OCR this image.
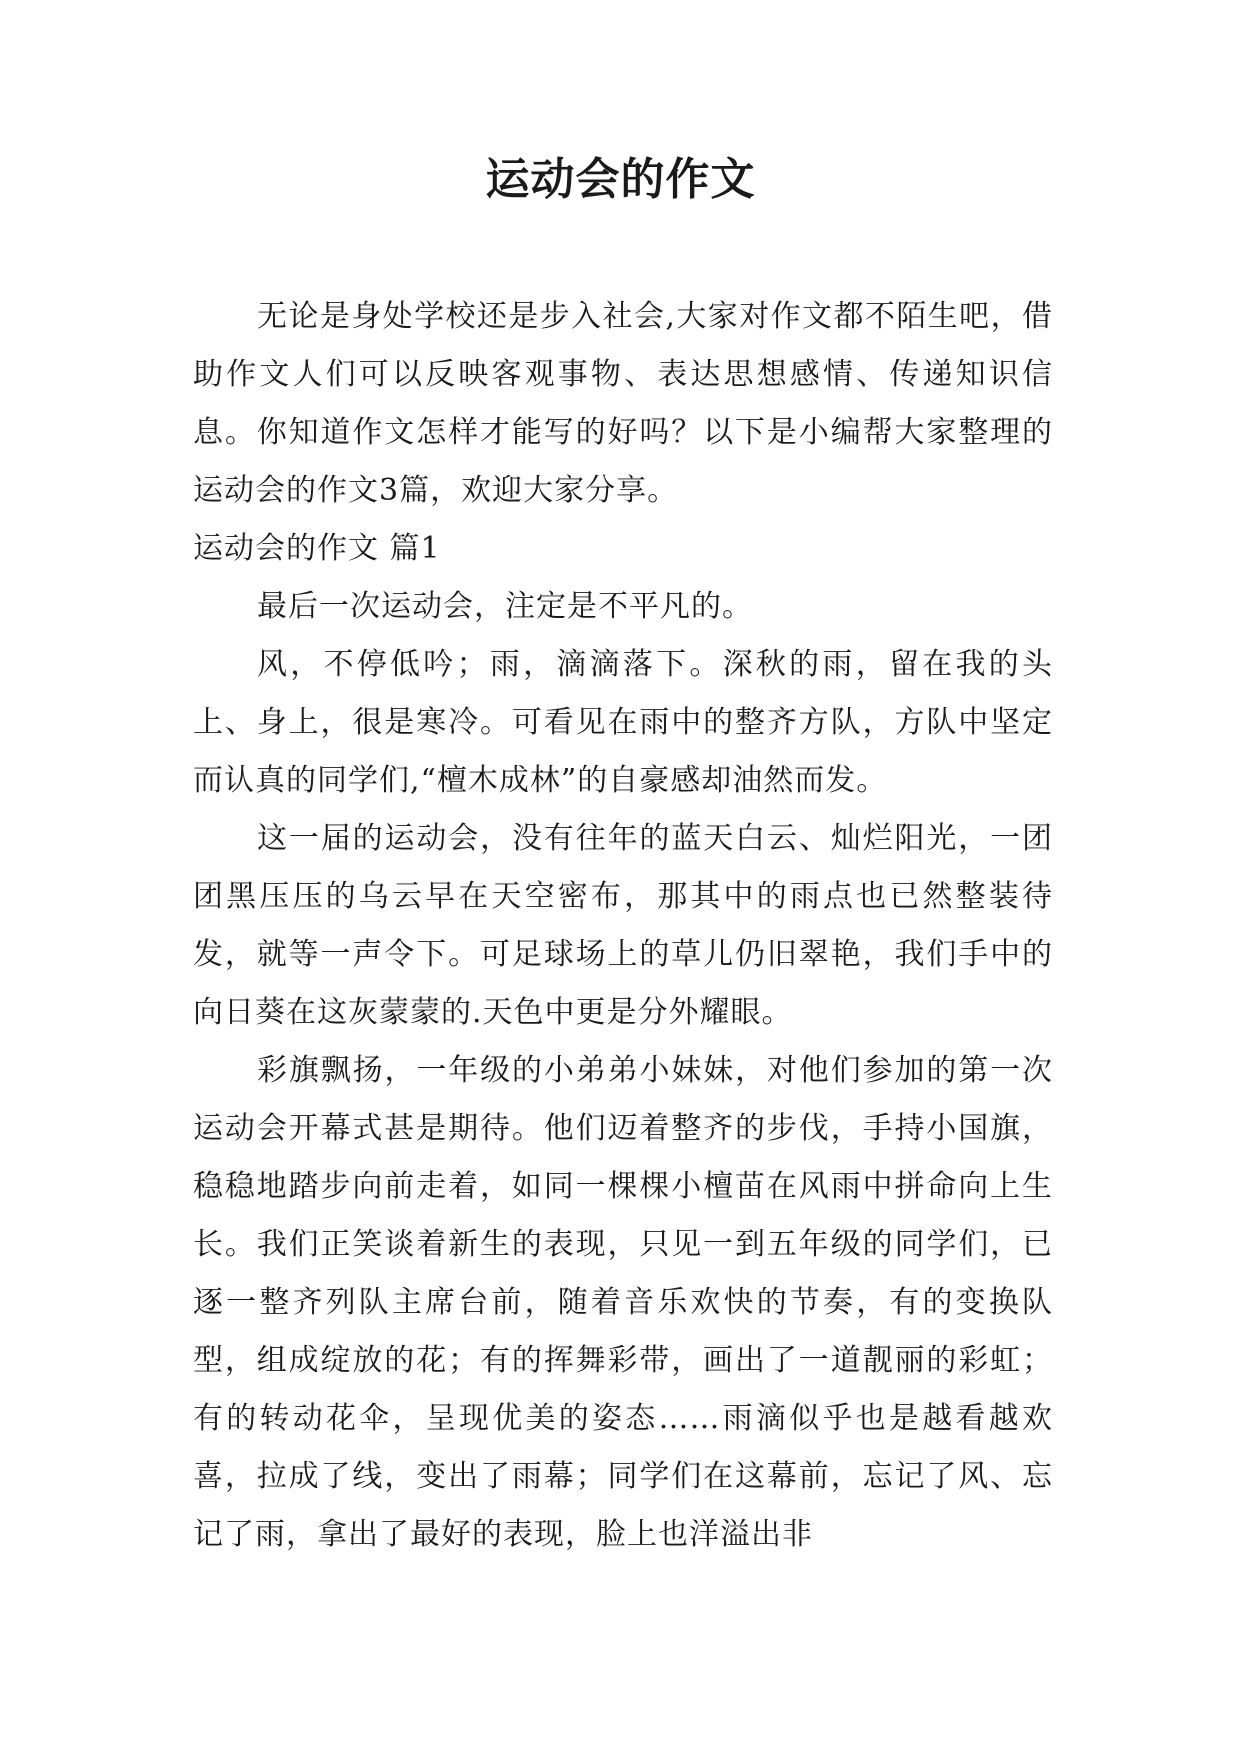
运动会的作文

无论是身处学校还是步入社会,大家对作文都不陌生吧，借助作文人们可以反映客观事物、表达思想感情、传递知识信息。你知道作文怎样才能写的好吗？以下是小编帮大家整理的运动会的作文3篇，欢迎大家分享。

运动会的作文 篇1

最后一次运动会，注定是不平凡的。

风，不停低吟；雨，滴滴落下。深秋的雨，留在我的头上、身上，很是寒冷。可看见在雨中的整齐方队，方队中坚定而认真的同学们,“檀木成林”的自豪感却油然而发。

这一届的运动会，没有往年的蓝天白云、灿烂阳光，一团团黑压压的乌云早在天空密布，那其中的雨点也已然整装待发，就等一声令下。可足球场上的草儿仍旧翠艳，我们手中的向日葵在这灰蒙蒙的.天色中更是分外耀眼。

彩旗飘扬，一年级的小弟弟小妹妹，对他们参加的第一次运动会开幕式甚是期待。他们迈着整齐的步伐，手持小国旗，稳稳地踏步向前走着，如同一棵棵小檀苗在风雨中拼命向上生长。我们正笑谈着新生的表现，只见一到五年级的同学们，已逐一整齐列队主席台前，随着音乐欢快的节奏，有的变换队型，组成绽放的花；有的挥舞彩带，画出了一道靓丽的彩虹；有的转动花伞，呈现优美的姿态……雨滴似乎也是越看越欢喜，拉成了线，变出了雨幕；同学们在这幕前，忘记了风、忘记了雨，拿出了最好的表现，脸上也洋溢出非
